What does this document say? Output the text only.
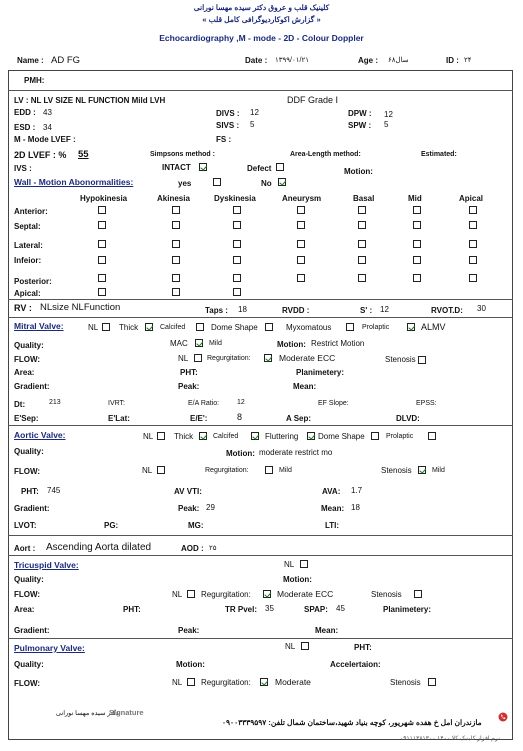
کلینیک قلب و عروق دکتر سیده مهسا نورانی
« گزارش اکوکاردیوگرافی کامل قلب »
Echocardiography ,M - mode - 2D - Colour Doppler
Name : AD FG	Date : ۱۳۹۹/۰۱/۲۱	Age : ۶۸سال	ID : ۲۴
PMH:
LV : NL LV SIZE NL FUNCTION Mild LVH	DDF Grade I
EDD : 43	DIVS : 12	DPW : 12
ESD : 34	SIVS : 5	SPW : 5
M - Mode LVEF :	FS :
2D LVEF : % 55	Simpsons method :	Area-Length method:	Estimated:
IVS :	INTACT	Defect	Motion:
Wall - Motion Abonormalities:	yes	No
Hypokinesia	Akinesia	Dyskinesia	Aneurysm	Basal	Mid	Apical
Anterior:
Septal:
Lateral:
Infeior:
Posterior:
Apical:
RV : NLsize NLFunction	Taps : 18	RVDD :	S' : 12	RVOT.D: 30
Mitral Valve:	NL	Thick	Calcifed	Dome Shape	Myxomatous	Prolaptic	ALMV
Quality:	MAC	Mild	Motion: Restrict Motion
FLOW:	NL	Regurgitation:	Moderate ECC	Stenosis
Area:	PHT:	Planimetery:
Gradient:	Peak:	Mean:
Dt:	213	IVRT:	E/A Ratio:	12	EF Slope:	EPSS:
E'Sep:	E'Lat:	E/E':	8	A Sep:	DLVD:
Aortic Valve:	NL	Thick	Calcifed	Fluttering Dome Shape	Prolaptic
Quality:	Motion: moderate restrict mo
FLOW:	NL	Regurgitation:	Mild	Stenosis	Mild
PHT: 745	AV VTI:	AVA: 1.7
Gradient:	Peak: 29	Mean: 18
LVOT:	PG:	MG:	LTI:
Aort : Ascending Aorta dilated	AOD : ۲۵
Tricuspid Valve:	NL
Quality:	Motion:
FLOW:	NL Regurgitation:	Moderate ECC	Stenosis
Area:	PHT:	TR Pvel: 35	SPAP: 45	Planimetery:
Gradient:	Peak:	Mean:
Pulmonary Valve:	NL	PHT:
Quality:	Motion:	Accelertaion:
FLOW:	NL Regurgitation:	Moderate	Stenosis
دکتر سیده مهسا نورانی
Signature
مازندران امل خ هفده شهریور، کوچه بنیاد شهید،ساختمان شمال تلفن: ۰۹۰۰۳۳۳۹۵۹۷
نرم افزار کلینیک کلا ۱۴۰۰ ۰۹۱۱۱۳۸۱۳۰۰
